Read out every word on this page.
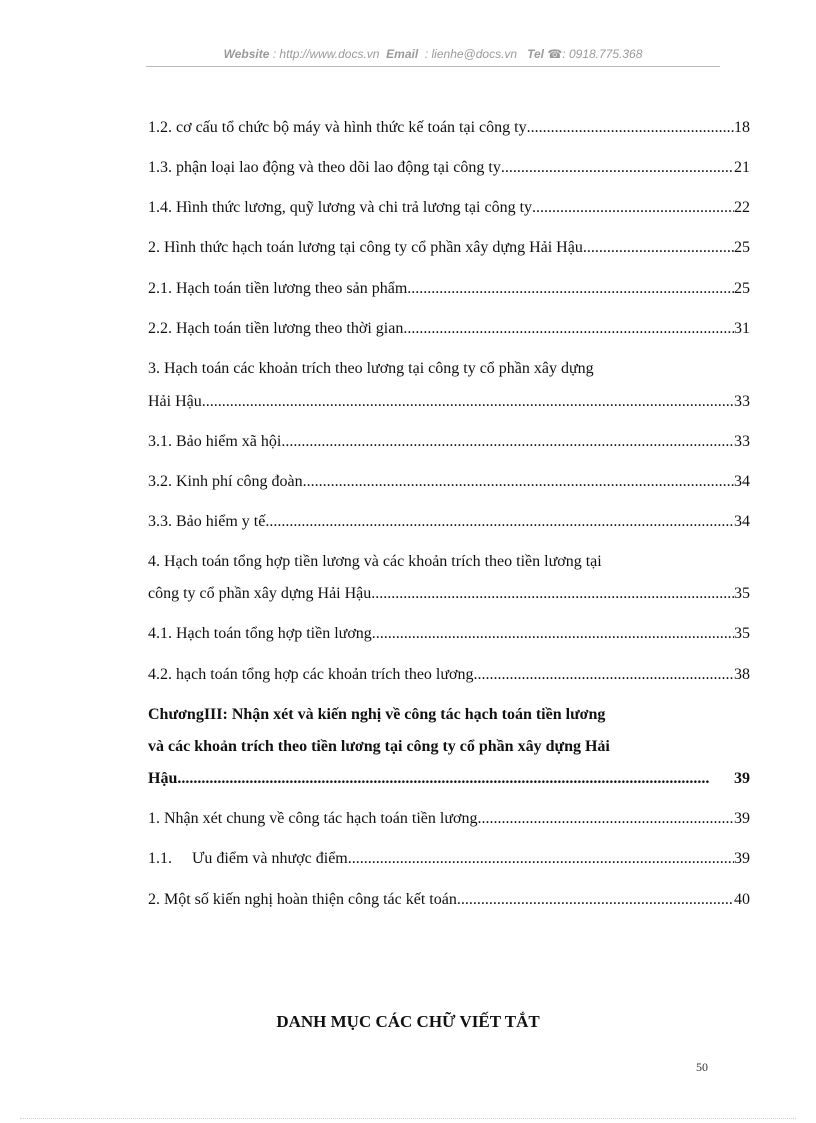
Website : http://www.docs.vn Email : lienhe@docs.vn Tel ☎: 0918.775.368
1.2. cơ cấu tổ chức bộ máy và hình thức kế toán tại công ty . . .	18
1.3. phận loại lao động và theo dõi lao động tại công ty . . .	21
1.4. Hình thức lương, quỹ lương và chi trả lương tại công ty . . .	22
2. Hình thức hạch toán lương tại công ty cổ phần xây dựng Hải Hậu . . .	25
2.1. Hạch toán tiền lương theo sản phẩm . . .	25
2.2. Hạch toán tiền lương theo thời gian . . .	31
3. Hạch toán các khoản trích theo lương tại công ty cổ phần xây dựng
Hải Hậu . . .	33
3.1. Bảo hiểm xã hội . . .	33
3.2. Kinh phí công đoàn . . .	34
3.3. Bảo hiểm y tế . . .	34
4. Hạch toán tổng hợp tiền lương và các khoản trích theo tiền lương tại
công ty cổ phần xây dựng Hải Hậu . . .	35
4.1. Hạch toán tổng hợp tiền lương . . .	35
4.2. hạch toán tổng hợp các khoản trích theo lương . . .	38
ChươngIII: Nhận xét và kiến nghị về công tác hạch toán tiền lương
và các khoản trích theo tiền lương tại công ty cổ phần xây dựng Hải
Hậu . . .	39
1. Nhận xét chung về công tác hạch toán tiền lương . . .	39
1.1.     Ưu điểm và nhược điểm . . .	39
2. Một số kiến nghị hoàn thiện công tác kết toán . . .	40
DANH MỤC CÁC CHỮ VIẾT TẮT
50
